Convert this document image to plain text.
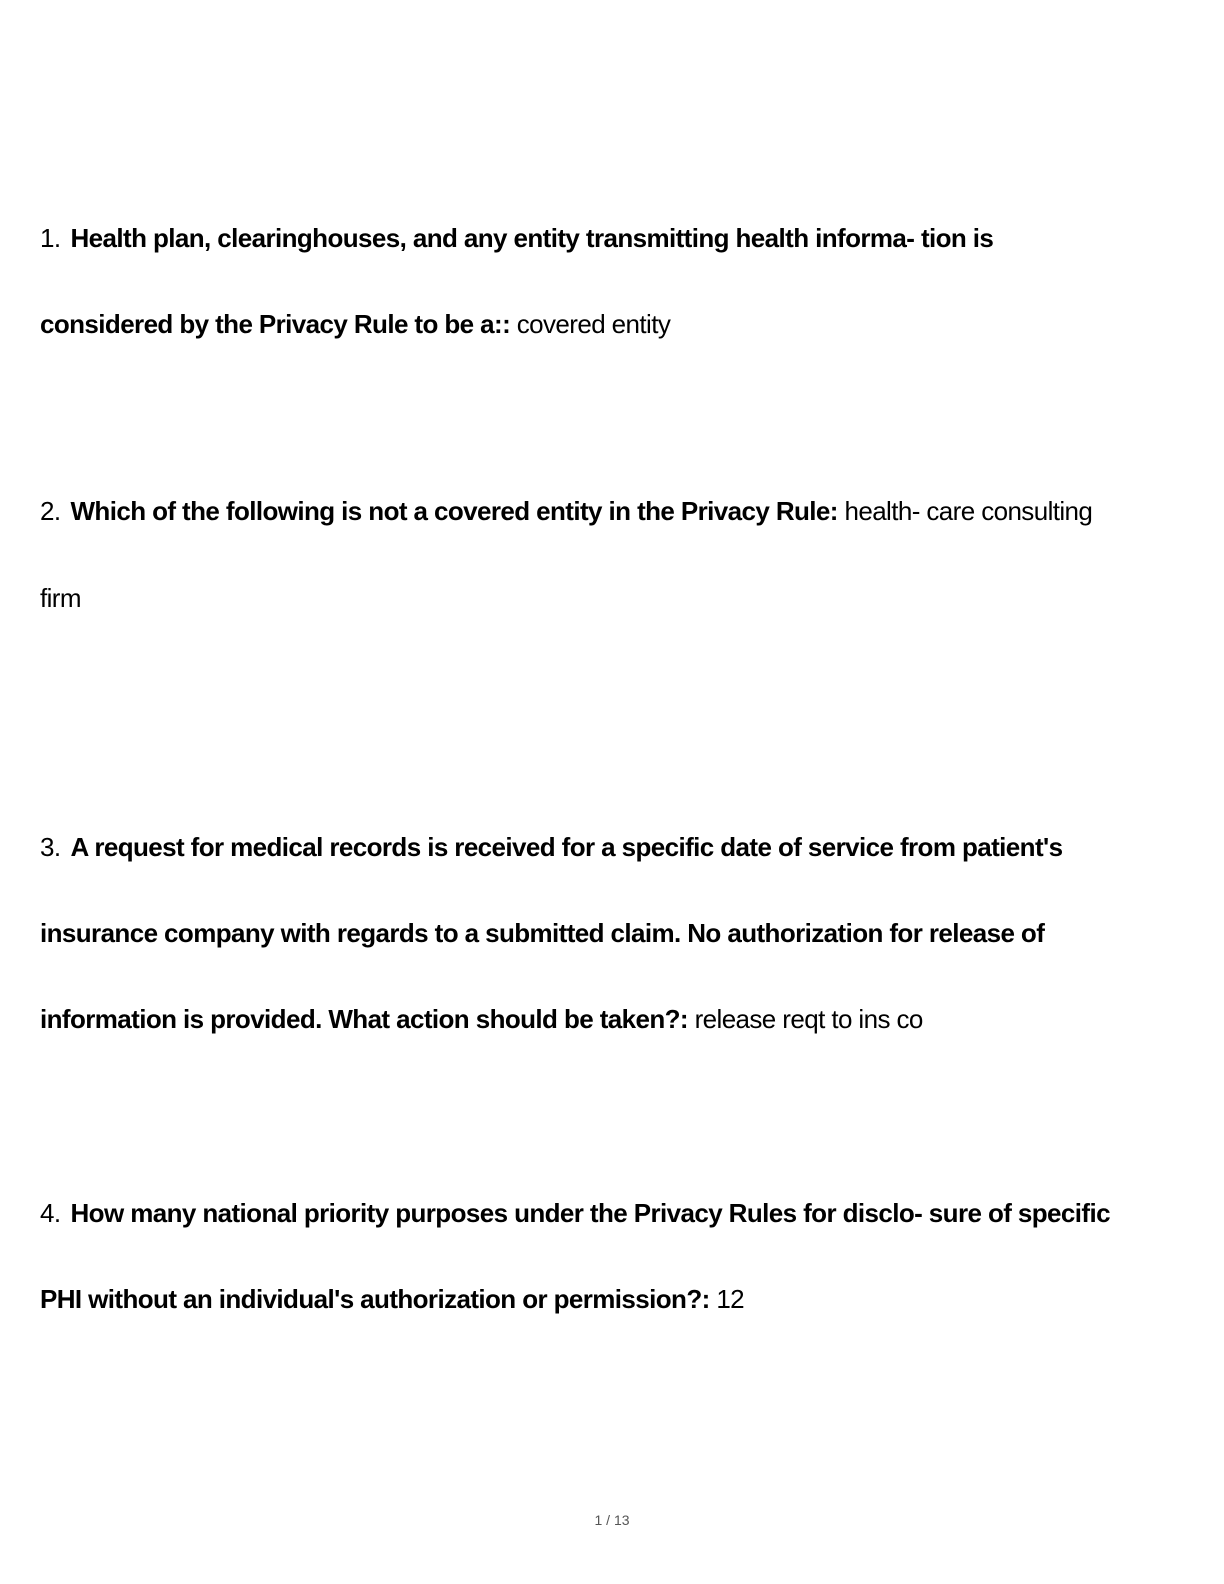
1. Health plan, clearinghouses, and any entity transmitting health informa- tion is
considered by the Privacy Rule to be a:: covered entity
2. Which of the following is not a covered entity in the Privacy Rule: health- care consulting
firm
3. A request for medical records is received for a specific date of service from patient's
insurance company with regards to a submitted claim. No authorization for release of
information is provided. What action should be taken?: release reqt to ins co
4. How many national priority purposes under the Privacy Rules for disclo- sure of specific
PHI without an individual's authorization or permission?: 12
1 / 13
